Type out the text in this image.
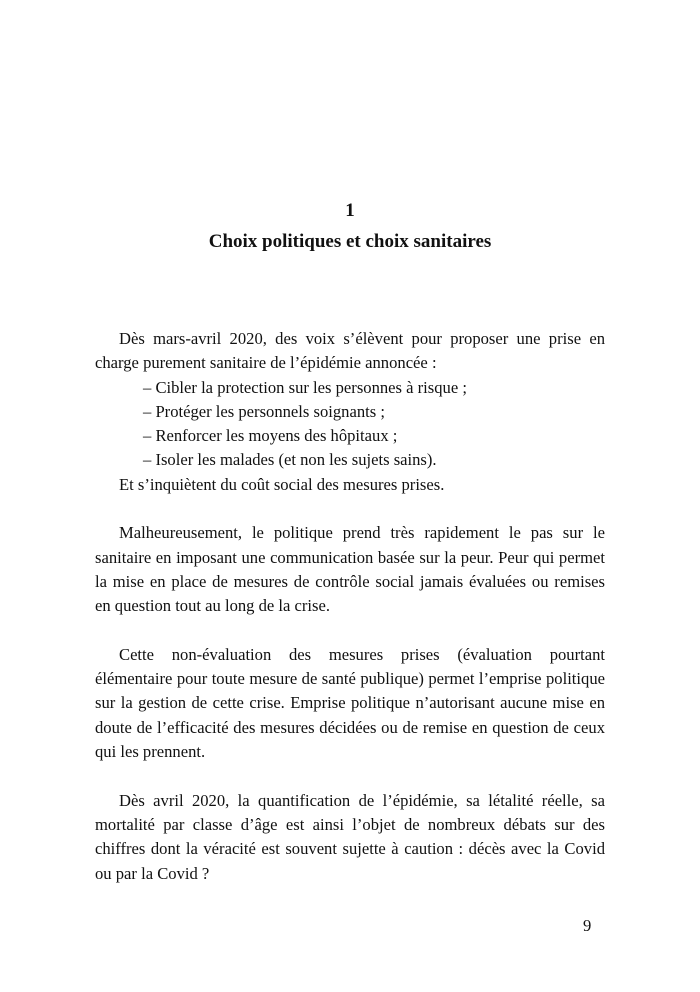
1
Choix politiques et choix sanitaires
Dès mars-avril 2020, des voix s’élèvent pour proposer une prise en charge purement sanitaire de l’épidémie annoncée :
– Cibler la protection sur les personnes à risque ;
– Protéger les personnels soignants ;
– Renforcer les moyens des hôpitaux ;
– Isoler les malades (et non les sujets sains).
Et s’inquiètent du coût social des mesures prises.

Malheureusement, le politique prend très rapidement le pas sur le sanitaire en imposant une communication basée sur la peur. Peur qui permet la mise en place de mesures de contrôle social jamais évaluées ou remises en question tout au long de la crise.

Cette non-évaluation des mesures prises (évaluation pourtant élémentaire pour toute mesure de santé publique) permet l’emprise politique sur la gestion de cette crise. Emprise politique n’autorisant aucune mise en doute de l’efficacité des mesures décidées ou de remise en question de ceux qui les prennent.

Dès avril 2020, la quantification de l’épidémie, sa létalité réelle, sa mortalité par classe d’âge est ainsi l’objet de nombreux débats sur des chiffres dont la véracité est souvent sujette à caution : décès avec la Covid ou par la Covid ?

9
